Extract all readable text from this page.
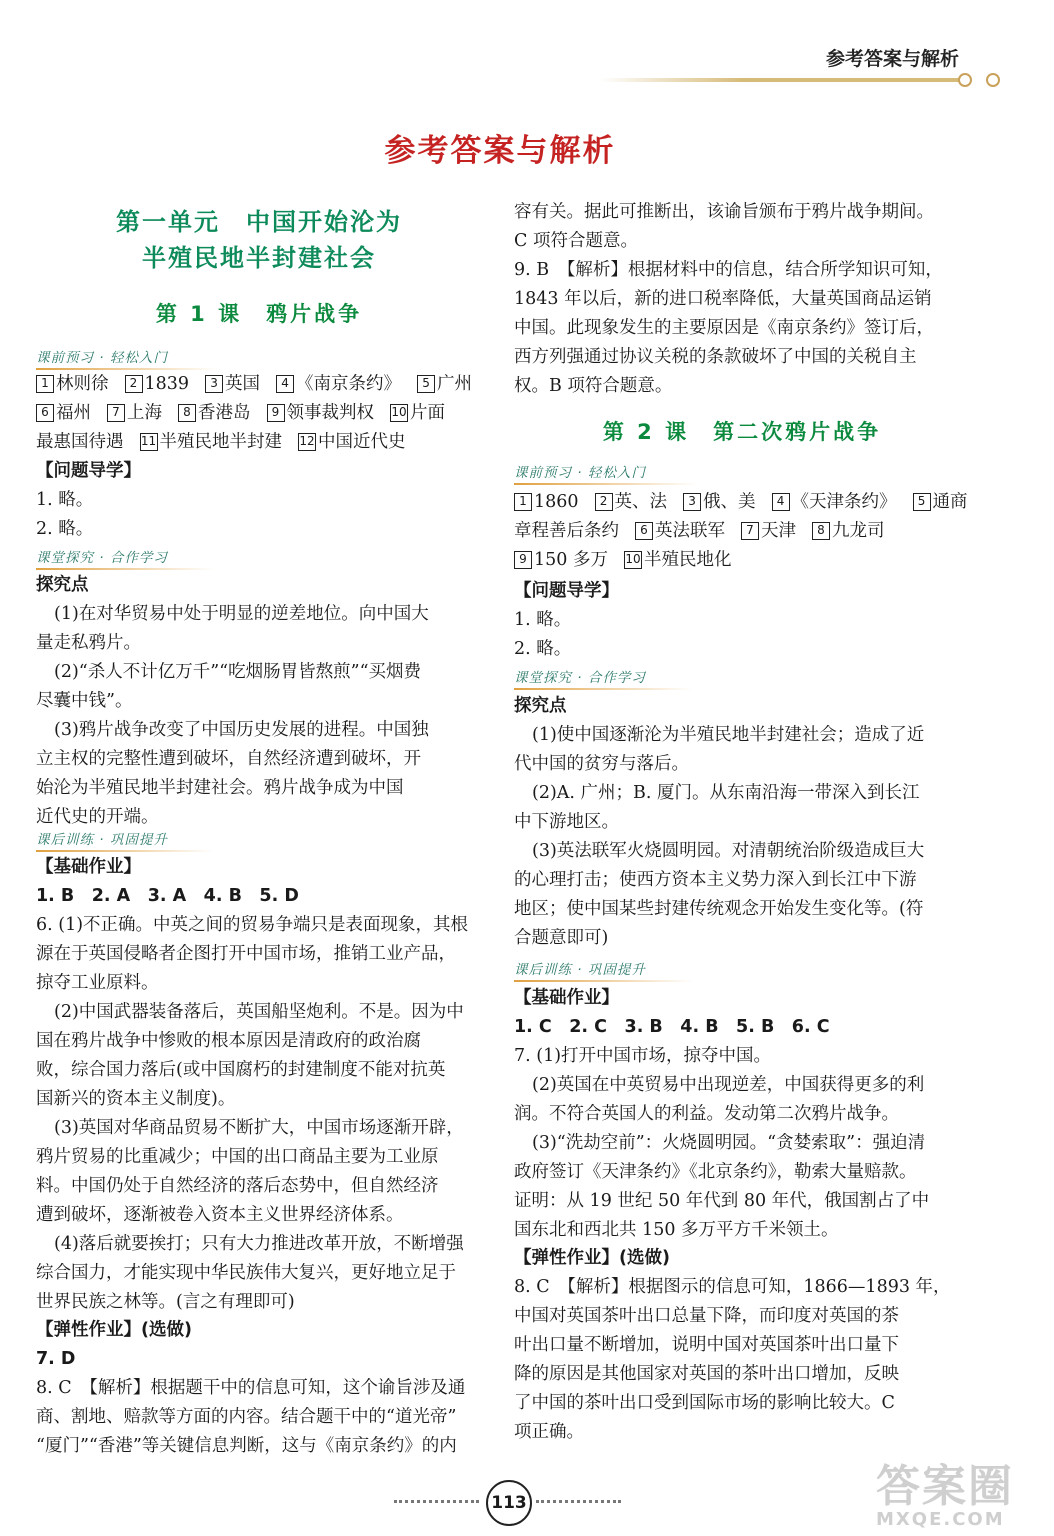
参考答案与解析
参考答案与解析
第一单元　中国开始沦为
半殖民地半封建社会
第 1 课　鸦片战争
课前预习 · 轻松入门
1 林则徐 2 1839 3 英国 4 《南京条约》 5 广州
6 福州 7 上海 8 香港岛 9 领事裁判权 10 片面
最惠国待遇 11 半殖民地半封建 12 中国近代史
【问题导学】
1. 略。
2. 略。
课堂探究 · 合作学习
探究点
(1)在对华贸易中处于明显的逆差地位。向中国大
量走私鸦片。
(2)“杀人不计亿万千”“吃烟肠胃皆熬煎”“买烟费
尽囊中钱”。
(3)鸦片战争改变了中国历史发展的进程。中国独
立主权的完整性遭到破坏，自然经济遭到破坏，开
始沦为半殖民地半封建社会。鸦片战争成为中国
近代史的开端。
课后训练 · 巩固提升
【基础作业】
1. B　2. A　3. A　4. B　5. D
6. (1)不正确。中英之间的贸易争端只是表面现象，其根
源在于英国侵略者企图打开中国市场，推销工业产品，
掠夺工业原料。
(2)中国武器装备落后，英国船坚炮利。不是。因为中
国在鸦片战争中惨败的根本原因是清政府的政治腐
败，综合国力落后(或中国腐朽的封建制度不能对抗英
国新兴的资本主义制度)。
(3)英国对华商品贸易不断扩大，中国市场逐渐开辟，
鸦片贸易的比重减少；中国的出口商品主要为工业原
料。中国仍处于自然经济的落后态势中，但自然经济
遭到破坏，逐渐被卷入资本主义世界经济体系。
(4)落后就要挨打；只有大力推进改革开放，不断增强
综合国力，才能实现中华民族伟大复兴，更好地立足于
世界民族之林等。(言之有理即可)
【弹性作业】(选做)
7. D
8. C　【解析】根据题干中的信息可知，这个谕旨涉及通
商、割地、赔款等方面的内容。结合题干中的“道光帝”
“厦门”“香港”等关键信息判断，这与《南京条约》的内
容有关。据此可推断出，该谕旨颁布于鸦片战争期间。
C 项符合题意。
9. B　【解析】根据材料中的信息，结合所学知识可知，
1843 年以后，新的进口税率降低，大量英国商品运销
中国。此现象发生的主要原因是《南京条约》签订后，
西方列强通过协议关税的条款破坏了中国的关税自主
权。B 项符合题意。
第 2 课　第二次鸦片战争
课前预习 · 轻松入门
1 1860 2 英、法 3 俄、美 4 《天津条约》 5 通商
章程善后条约 6 英法联军 7 天津 8 九龙司
9 150 多万 10 半殖民地化
【问题导学】
1. 略。
2. 略。
课堂探究 · 合作学习
探究点
(1)使中国逐渐沦为半殖民地半封建社会；造成了近
代中国的贫穷与落后。
(2)A. 广州；B. 厦门。从东南沿海一带深入到长江
中下游地区。
(3)英法联军火烧圆明园。对清朝统治阶级造成巨大
的心理打击；使西方资本主义势力深入到长江中下游
地区；使中国某些封建传统观念开始发生变化等。(符
合题意即可)
课后训练 · 巩固提升
【基础作业】
1. C　2. C　3. B　4. B　5. B　6. C
7. (1)打开中国市场，掠夺中国。
(2)英国在中英贸易中出现逆差，中国获得更多的利
润。不符合英国人的利益。发动第二次鸦片战争。
(3)“洗劫空前”：火烧圆明园。“贪婪索取”：强迫清
政府签订《天津条约》《北京条约》，勒索大量赔款。
证明：从 19 世纪 50 年代到 80 年代，俄国割占了中
国东北和西北共 150 多万平方千米领土。
【弹性作业】(选做)
8. C　【解析】根据图示的信息可知，1866—1893 年，
中国对英国茶叶出口总量下降，而印度对英国的茶
叶出口量不断增加，说明中国对英国茶叶出口量下
降的原因是其他国家对英国的茶叶出口增加，反映
了中国的茶叶出口受到国际市场的影响比较大。C
项正确。
113	答案圈
MXQE.COM
